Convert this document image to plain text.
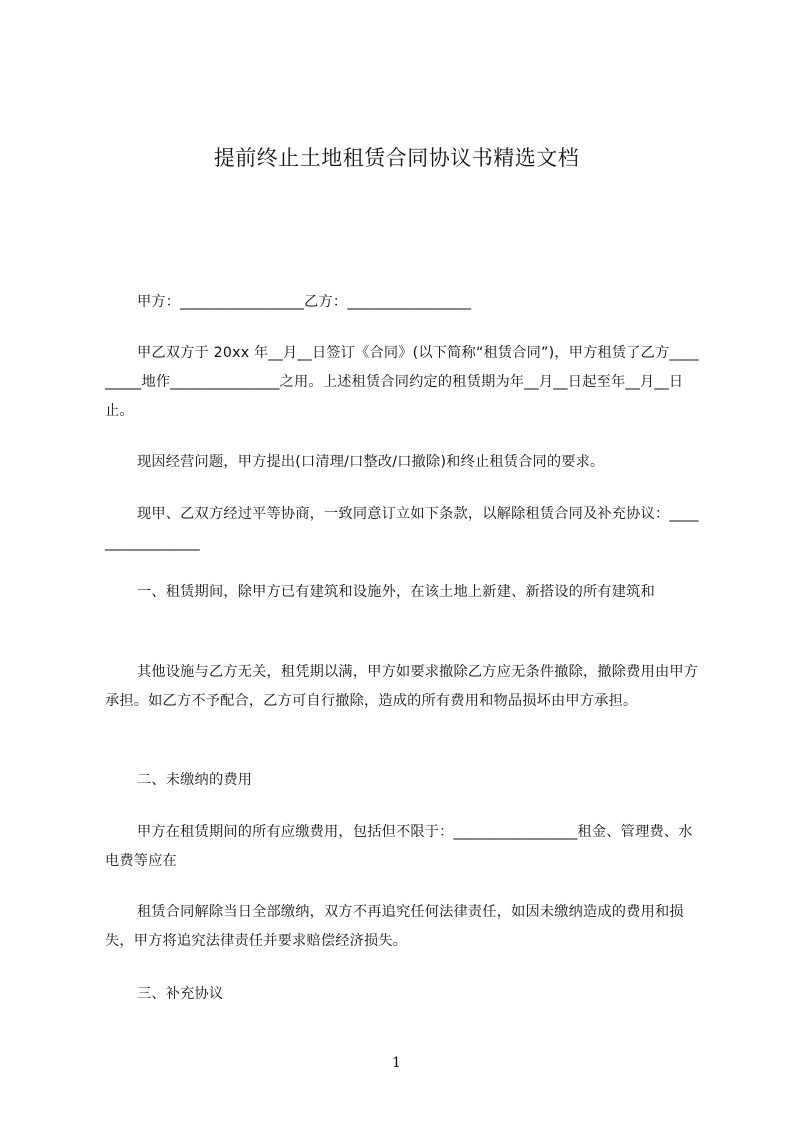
提前终止土地租赁合同协议书精选文档

甲方：_________________乙方：_________________

甲乙双方于 20xx 年__月__日签订《合同》(以下简称“租赁合同”)，甲方租赁了乙方_________地作_______________之用。上述租赁合同约定的租赁期为年__月__日起至年__月__日止。

现因经营问题，甲方提出(口清理/口整改/口撤除)和终止租赁合同的要求。

现甲、乙双方经过平等协商，一致同意订立如下条款，以解除租赁合同及补充协议：_________________

一、租赁期间，除甲方已有建筑和设施外，在该土地上新建、新搭设的所有建筑和

其他设施与乙方无关，租凭期以满，甲方如要求撤除乙方应无条件撤除，撤除费用由甲方承担。如乙方不予配合，乙方可自行撤除，造成的所有费用和物品损坏由甲方承担。

二、未缴纳的费用

甲方在租赁期间的所有应缴费用，包括但不限于：_________________租金、管理费、水电费等应在

租赁合同解除当日全部缴纳，双方不再追究任何法律责任，如因未缴纳造成的费用和损失，甲方将追究法律责任并要求赔偿经济损失。

三、补充协议

1
